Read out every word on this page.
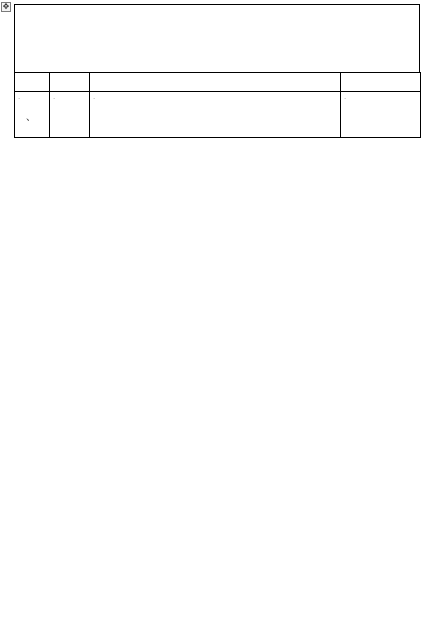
✥

.
、	.	.	.
